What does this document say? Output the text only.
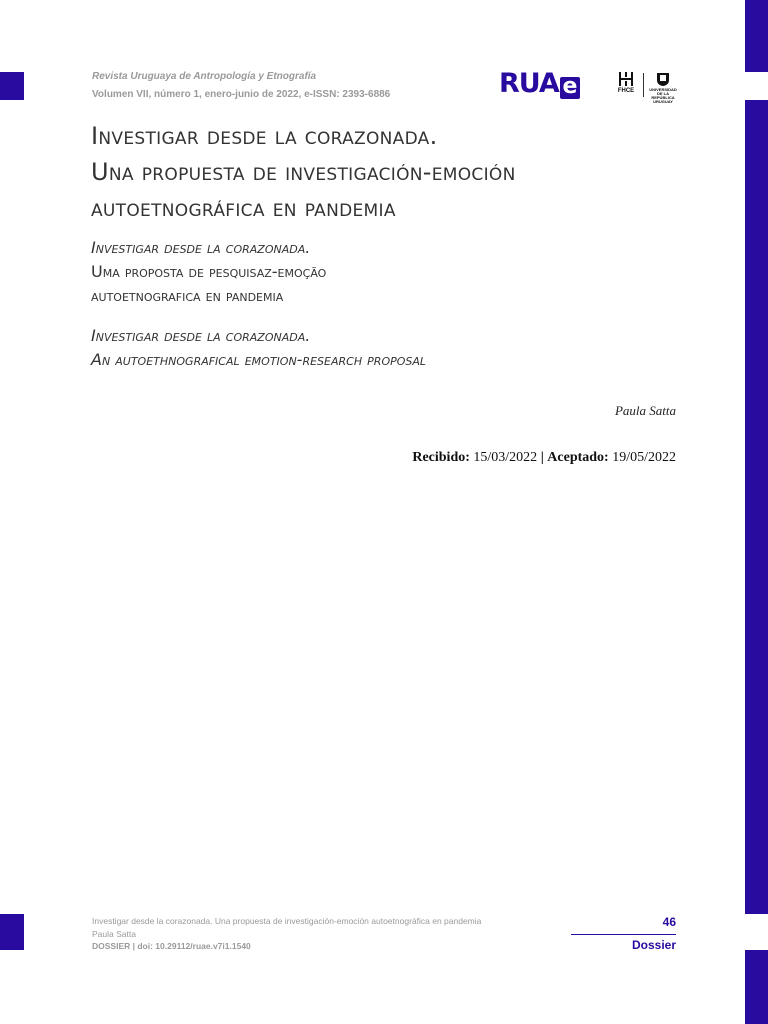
Revista Uruguaya de Antropología y Etnografía
Volumen VII, número 1, enero-junio de 2022, e-ISSN: 2393-6886	RUA e	FHCE	UNIVERSIDAD DE LA REPÚBLICA URUGUAY
Investigar desde la corazonada.
Una propuesta de investigación-emoción
autoetnográfica en pandemia
Investigar desde la corazonada.
Uma proposta de pesquisaz-emoção
autoetnografica en pandemia
Investigar desde la corazonada.
An autoethnografical emotion-research proposal
Paula Satta
Recibido: 15/03/2022 | Aceptado: 19/05/2022
Investigar desde la corazonada. Una propuesta de investigación-emoción autoetnográfica en pandemia
Paula Satta
DOSSIER | doi: 10.29112/ruae.v7i1.1540
46
Dossier
